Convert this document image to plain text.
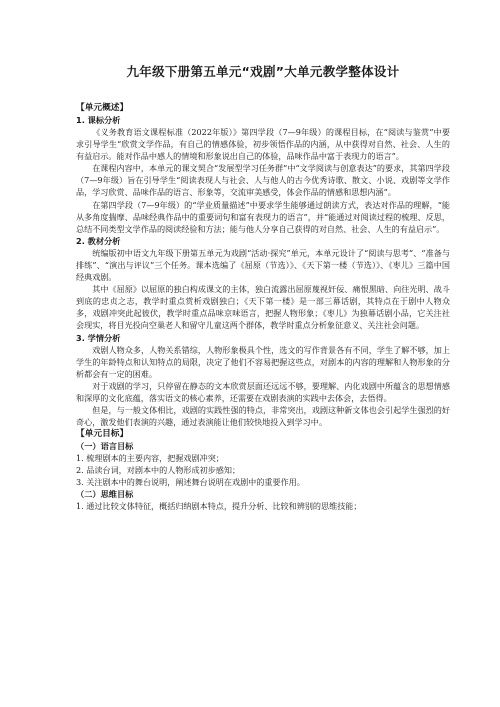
九年级下册第五单元“戏剧”大单元教学整体设计

【单元概述】

1. 课标分析

《义务教育语文课程标准（2022年版）》第四学段（7—9年级）的课程目标，在“阅读与鉴赏”中要求引导学生“欣赏文学作品，有自己的情感体验，初步领悟作品的内涵，从中获得对自然、社会、人生的有益启示。能对作品中感人的情境和形象说出自己的体验，品味作品中富于表现力的语言”。

在课程内容中，本单元的课文契合“发展型学习任务群”中“文学阅读与创意表达”的要求，其第四学段（7—9年级）旨在引导学生“阅读表现人与社会、人与他人的古今优秀诗歌、散文、小说、戏剧等文学作品，学习欣赏、品味作品的语言、形象等，交流审美感受，体会作品的情感和思想内涵”。

在第四学段（7—9年级）的“学业质量描述”中要求学生能够通过朗读方式，表达对作品的理解，“能从多角度揣摩、品味经典作品中的重要词句和富有表现力的语言”，并“能通过对阅读过程的梳理、反思，总结不同类型文学作品的阅读经验和方法；能与他人分享自己获得的对自然、社会、人生的有益启示”。

2. 教材分析

统编版初中语文九年级下册第五单元为戏剧“活动·探究”单元，本单元设计了“阅读与思考”、“准备与排练”、“演出与评议”三个任务。课本选编了《屈原（节选）》、《天下第一楼（节选）》、《枣儿》三篇中国经典戏剧。

其中《屈原》以屈原的独白构成课文的主体，独白流露出屈原蔑视奸佞、痛恨黑暗、向往光明、战斗到底的忠贞之志，教学时重点赏析戏剧独白；《天下第一楼》是一部三幕话剧，其特点在于剧中人物众多，戏剧冲突此起彼伏，教学时重点品味京味语言，把握人物形象；《枣儿》为独幕话剧小品，它关注社会现实，将目光投向空巢老人和留守儿童这两个群体，教学时重点分析象征意义、关注社会问题。

3. 学情分析

戏剧人物众多，人物关系错综，人物形象极具个性，选文的写作背景各有不同，学生了解不够，加上学生的年龄特点和认知特点的局限，决定了他们不容易把握这些点，对剧本的内容的理解和人物形象的分析都会有一定的困难。

对于戏剧的学习，只停留在静态的文本欣赏层面还远远不够，要理解、内化戏剧中所蕴含的思想情感和深厚的文化底蕴，落实语文的核心素养，还需要在戏剧表演的实践中去体会，去悟得。

但是，与一般文体相比，戏剧的实践性强的特点，非常突出，戏剧这种新文体也会引起学生强烈的好奇心，激发他们表演的兴趣，通过表演能让他们较快地投入到学习中。

【单元目标】

（一）语言目标

1. 梳理剧本的主要内容，把握戏剧冲突；

2. 品读台词，对剧本中的人物形成初步感知；

3. 关注剧本中的舞台说明，阐述舞台说明在戏剧中的重要作用。

（二）思维目标

1. 通过比较文体特征，概括归纳剧本特点，提升分析、比较和辨别的思维技能；
